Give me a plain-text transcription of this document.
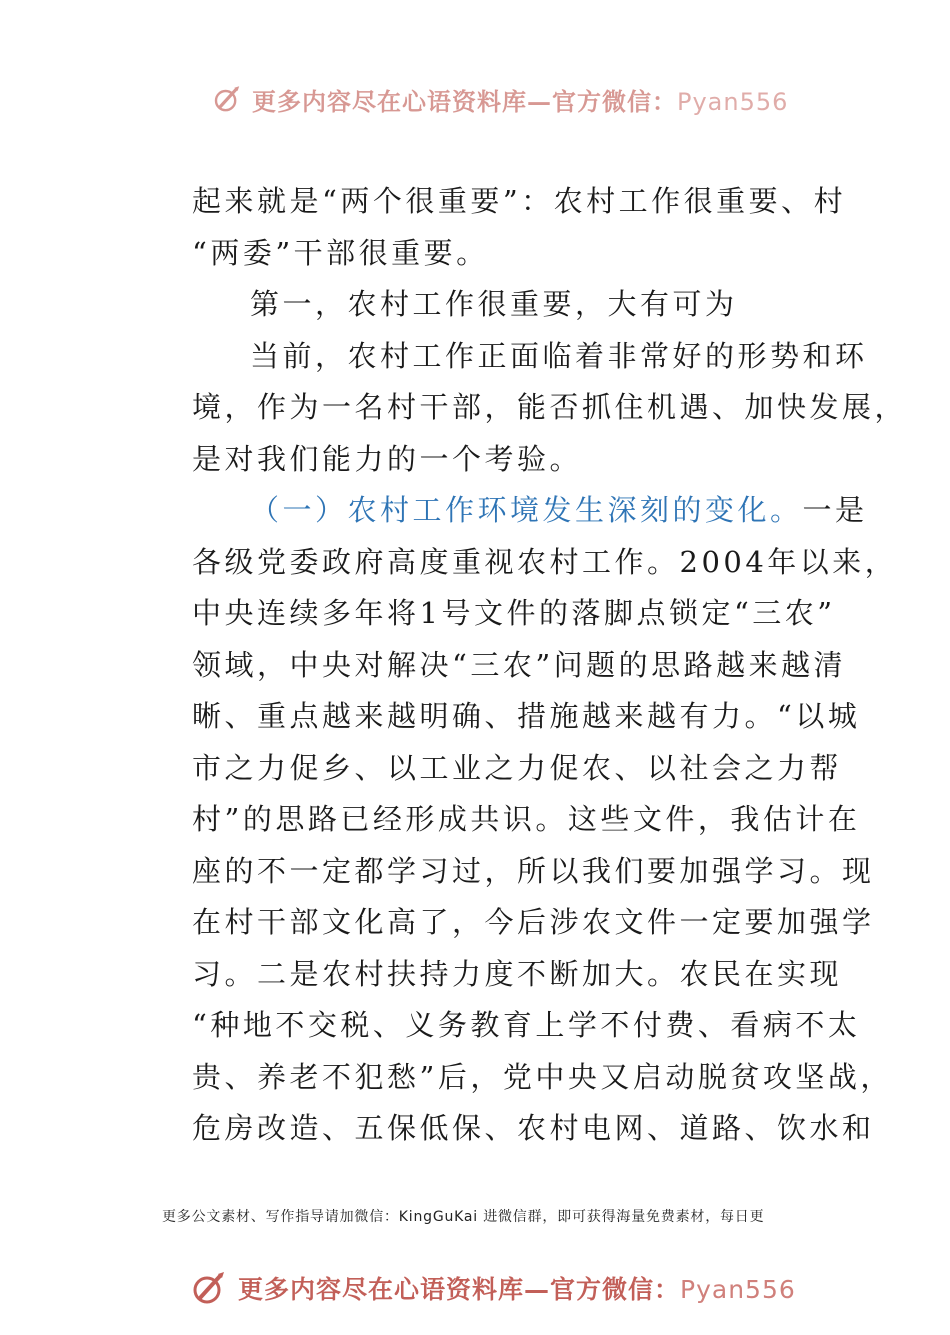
更多内容尽在心语资料库—官方微信：Pyan556
起来就是“两个很重要”：农村工作很重要、村
“两委”干部很重要。
第一，农村工作很重要，大有可为
当前，农村工作正面临着非常好的形势和环
境，作为一名村干部，能否抓住机遇、加快发展，
是对我们能力的一个考验。
（一）农村工作环境发生深刻的变化。一是
各级党委政府高度重视农村工作。2004年以来，
中央连续多年将1号文件的落脚点锁定“三农”
领域，中央对解决“三农”问题的思路越来越清
晰、重点越来越明确、措施越来越有力。“以城
市之力促乡、以工业之力促农、以社会之力帮
村”的思路已经形成共识。这些文件，我估计在
座的不一定都学习过，所以我们要加强学习。现
在村干部文化高了，今后涉农文件一定要加强学
习。二是农村扶持力度不断加大。农民在实现
“种地不交税、义务教育上学不付费、看病不太
贵、养老不犯愁”后，党中央又启动脱贫攻坚战，
危房改造、五保低保、农村电网、道路、饮水和
更多公文素材、写作指导请加微信：KingGuKai 进微信群，即可获得海量免费素材，每日更
更多内容尽在心语资料库—官方微信：Pyan556
